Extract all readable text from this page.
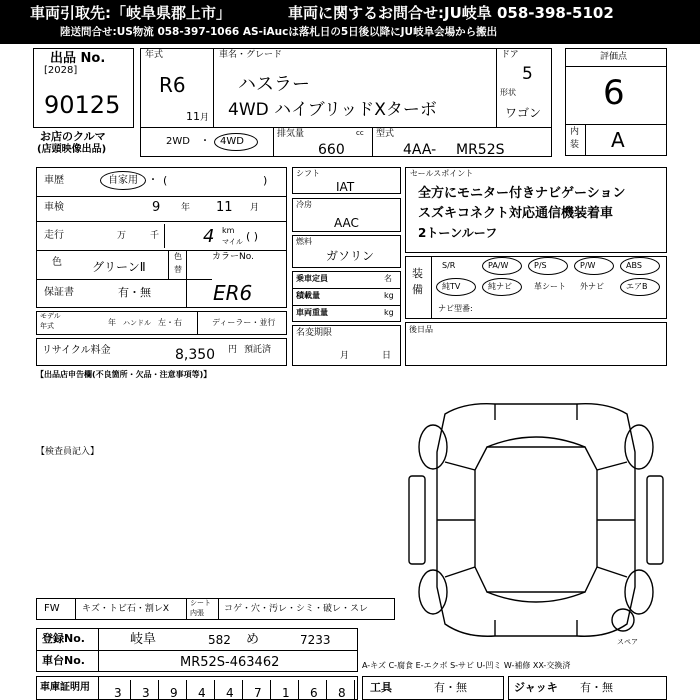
車両引取先:「岐阜県郡上市」	車両に関するお問合せ:JU岐阜 058-398-5102
陸送問合せ:US物流 058-397-1066 AS-iAucは落札日の5日後以降にJU岐阜会場から搬出
出品 No.
[2028]
90125
お店のクルマ
(店頭映像出品)
年式
R6
11 月
車名・グレード
ハスラー
4WD ハイブリッドXターボ
ドア
5
形状
ワゴン
2WD ・ 4WD
排気量	cc
660
型式
4AA- MR52S
評価点
6
内
装 A
車歴	自家用 ・ (	)
車検	9 年 11 月
走行	万	千 4 km
マイル ( )
色	グリーンⅡ
色
替
カラーNo.
ER6
保証書	有・無
モデル
年式	年 ハンドル 左・右	ディーラー・並行
リサイクル料金	8,350 円 預託済
【出品店申告欄(不良箇所・欠品・注意事項等)】
【検査員記入】
シフト
IAT
冷房
AAC
燃料
ガソリン
乗車定員	名
積載量	kg
車両重量	kg
名変期限
月	日
セールスポイント
全方にモニター付きナビゲーション
スズキコネクト対応通信機装着車
2トーンルーフ
装
備
S/R	PA/W	P/S	P/W	ABS
純TV	純ナビ	革シート 外ナビ	エアB
ナビ型番:
後日品
スペア
FW キズ・トビ石・割レX
シート
内張 コゲ・穴・汚レ・シミ・破レ・スレ
登録No.	岐阜	582 め	7233
車台No.	MR52S-463462	A-キズ C-腐食 E-エクボ S-サビ U-凹ミ W-補修 XX-交換済
車庫証明用 3 3 9 4 4 7 1 6 8 工具	有・無	ジャッキ 有・無
